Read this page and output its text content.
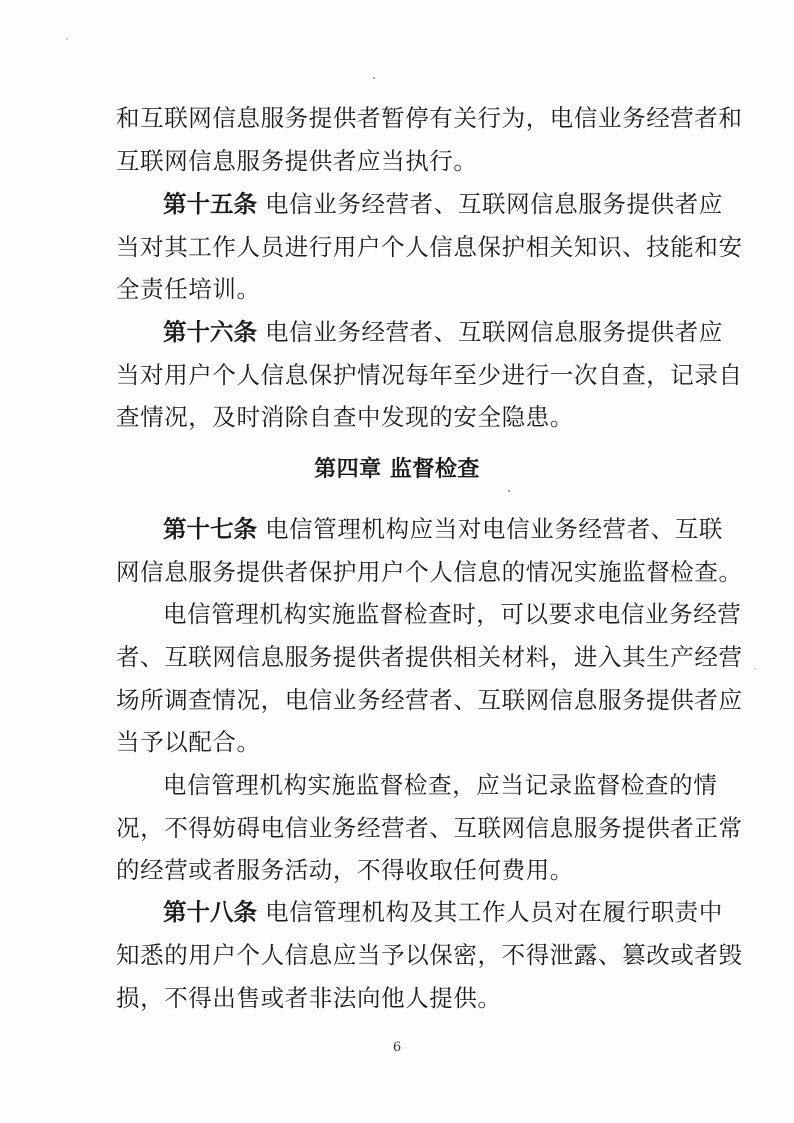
和互联网信息服务提供者暂停有关行为，电信业务经营者和
互联网信息服务提供者应当执行。
第十五条 电信业务经营者、互联网信息服务提供者应
当对其工作人员进行用户个人信息保护相关知识、技能和安
全责任培训。
第十六条 电信业务经营者、互联网信息服务提供者应
当对用户个人信息保护情况每年至少进行一次自查，记录自
查情况，及时消除自查中发现的安全隐患。
第四章 监督检查
第十七条 电信管理机构应当对电信业务经营者、互联
网信息服务提供者保护用户个人信息的情况实施监督检查。
电信管理机构实施监督检查时，可以要求电信业务经营
者、互联网信息服务提供者提供相关材料，进入其生产经营
场所调查情况，电信业务经营者、互联网信息服务提供者应
当予以配合。
电信管理机构实施监督检查，应当记录监督检查的情
况，不得妨碍电信业务经营者、互联网信息服务提供者正常
的经营或者服务活动，不得收取任何费用。
第十八条 电信管理机构及其工作人员对在履行职责中
知悉的用户个人信息应当予以保密，不得泄露、篡改或者毁
损，不得出售或者非法向他人提供。
6
